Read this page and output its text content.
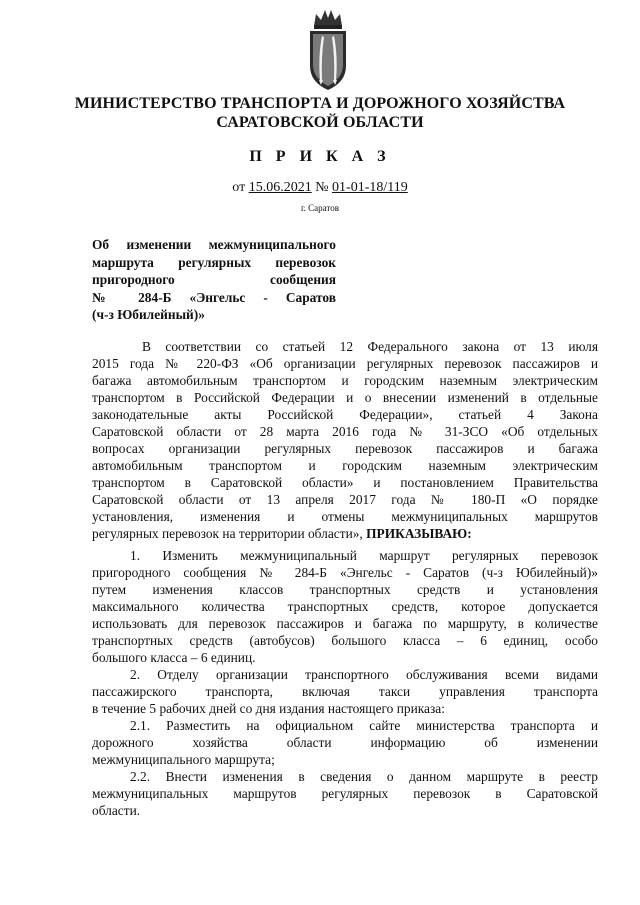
МИНИСТЕРСТВО ТРАНСПОРТА И ДОРОЖНОГО ХОЗЯЙСТВА
САРАТОВСКОЙ ОБЛАСТИ
П Р И К А З
от 15.06.2021 № 01-01-18/119
г. Саратов
Об изменении межмуниципального
маршрута регулярных перевозок
пригородного сообщения
№ 284-Б «Энгельс - Саратов
(ч-з Юбилейный)»
В соответствии со статьей 12 Федерального закона от 13 июля
2015 года № 220-ФЗ «Об организации регулярных перевозок пассажиров и
багажа автомобильным транспортом и городским наземным электрическим
транспортом в Российской Федерации и о внесении изменений в отдельные
законодательные акты Российской Федерации», статьей 4 Закона
Саратовской области от 28 марта 2016 года № 31-ЗСО «Об отдельных
вопросах организации регулярных перевозок пассажиров и багажа
автомобильным транспортом и городским наземным электрическим
транспортом в Саратовской области» и постановлением Правительства
Саратовской области от 13 апреля 2017 года № 180-П «О порядке
установления, изменения и отмены межмуниципальных маршрутов
регулярных перевозок на территории области», ПРИКАЗЫВАЮ:
1. Изменить межмуниципальный маршрут регулярных перевозок
пригородного сообщения № 284-Б «Энгельс - Саратов (ч-з Юбилейный)»
путем изменения классов транспортных средств и установления
максимального количества транспортных средств, которое допускается
использовать для перевозок пассажиров и багажа по маршруту, в количестве
транспортных средств (автобусов) большого класса – 6 единиц, особо
большого класса – 6 единиц.
2. Отделу организации транспортного обслуживания всеми видами
пассажирского транспорта, включая такси управления транспорта
в течение 5 рабочих дней со дня издания настоящего приказа:
2.1. Разместить на официальном сайте министерства транспорта и
дорожного хозяйства области информацию об изменении
межмуниципального маршрута;
2.2. Внести изменения в сведения о данном маршруте в реестр
межмуниципальных маршрутов регулярных перевозок в Саратовской
области.
